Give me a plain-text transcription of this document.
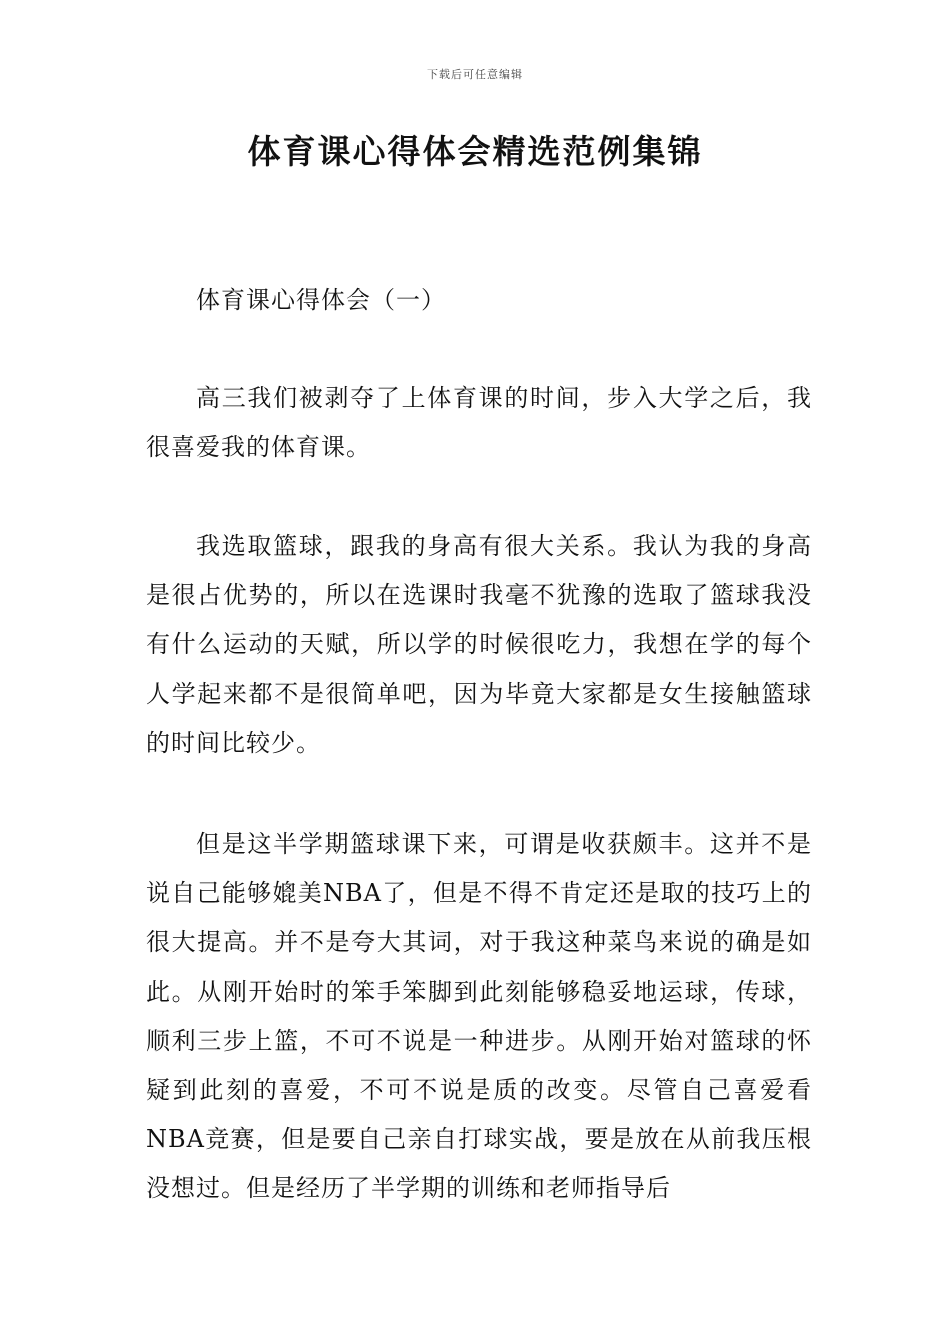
下载后可任意编辑
体育课心得体会精选范例集锦
体育课心得体会（一）

高三我们被剥夺了上体育课的时间，步入大学之后，我很喜爱我的体育课。

我选取篮球，跟我的身高有很大关系。我认为我的身高是很占优势的，所以在选课时我毫不犹豫的选取了篮球我没有什么运动的天赋，所以学的时候很吃力，我想在学的每个人学起来都不是很简单吧，因为毕竟大家都是女生接触篮球的时间比较少。

但是这半学期篮球课下来，可谓是收获颇丰。这并不是说自己能够媲美NBA了，但是不得不肯定还是取的技巧上的很大提高。并不是夸大其词，对于我这种菜鸟来说的确是如此。从刚开始时的笨手笨脚到此刻能够稳妥地运球，传球，顺利三步上篮，不可不说是一种进步。从刚开始对篮球的怀疑到此刻的喜爱，不可不说是质的改变。尽管自己喜爱看NBA竞赛，但是要自己亲自打球实战，要是放在从前我压根没想过。但是经历了半学期的训练和老师指导后
